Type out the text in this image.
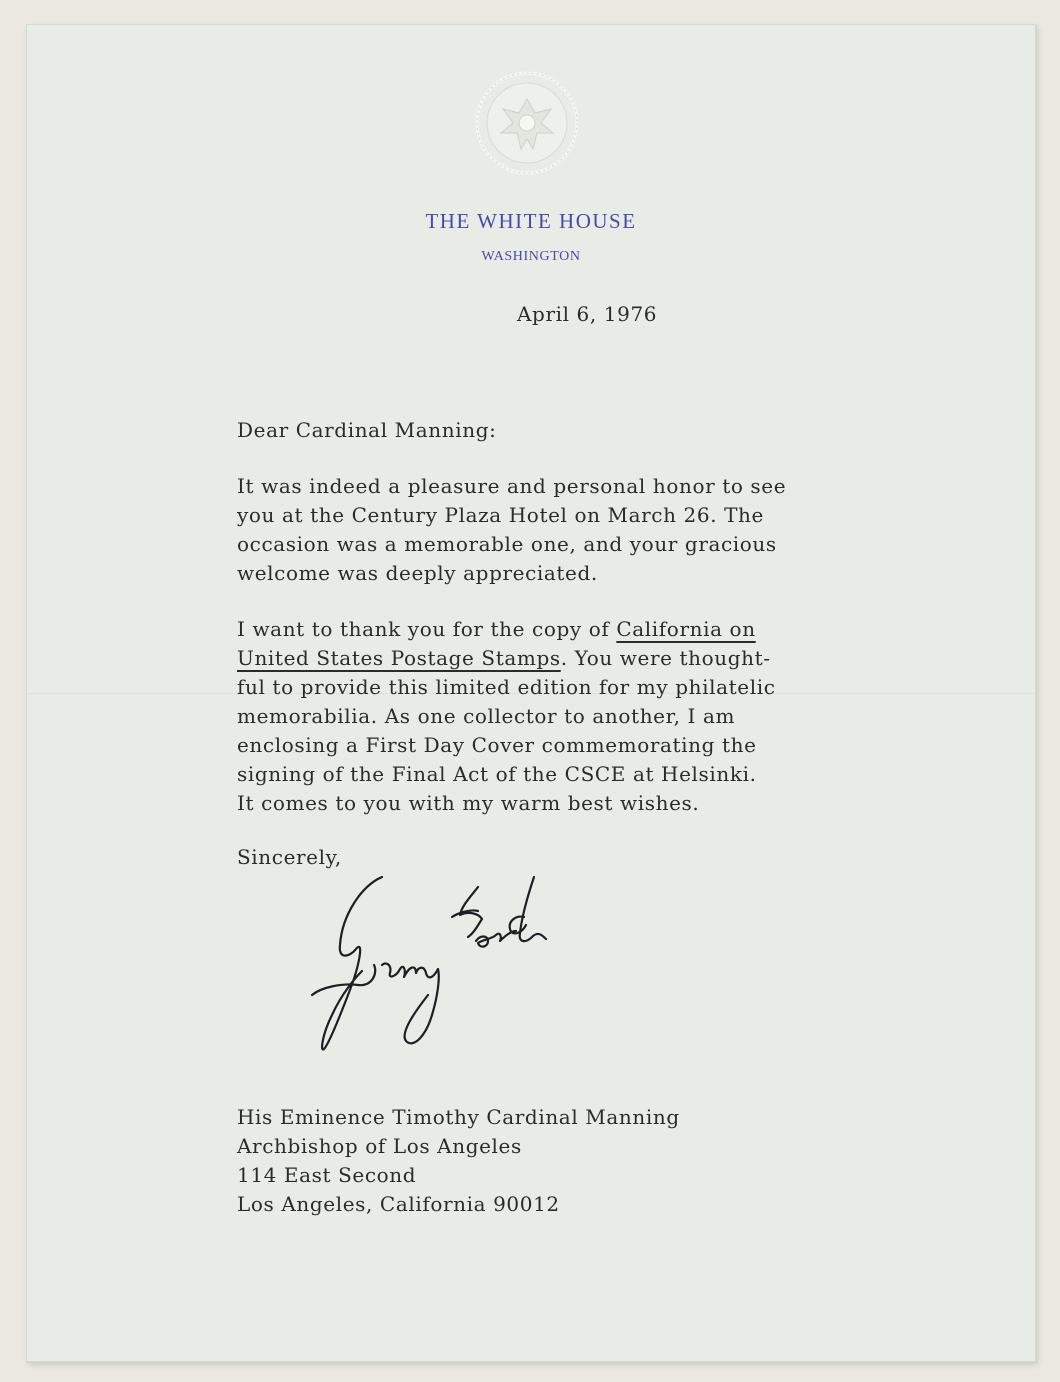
THE WHITE HOUSE
WASHINGTON
April 6, 1976
Dear Cardinal Manning:
It was indeed a pleasure and personal honor to see
you at the Century Plaza Hotel on March 26. The
occasion was a memorable one, and your gracious
welcome was deeply appreciated.
I want to thank you for the copy of California on
United States Postage Stamps. You were thought-
ful to provide this limited edition for my philatelic
memorabilia. As one collector to another, I am
enclosing a First Day Cover commemorating the
signing of the Final Act of the CSCE at Helsinki.
It comes to you with my warm best wishes.
Sincerely,
His Eminence Timothy Cardinal Manning
Archbishop of Los Angeles
114 East Second
Los Angeles, California 90012
